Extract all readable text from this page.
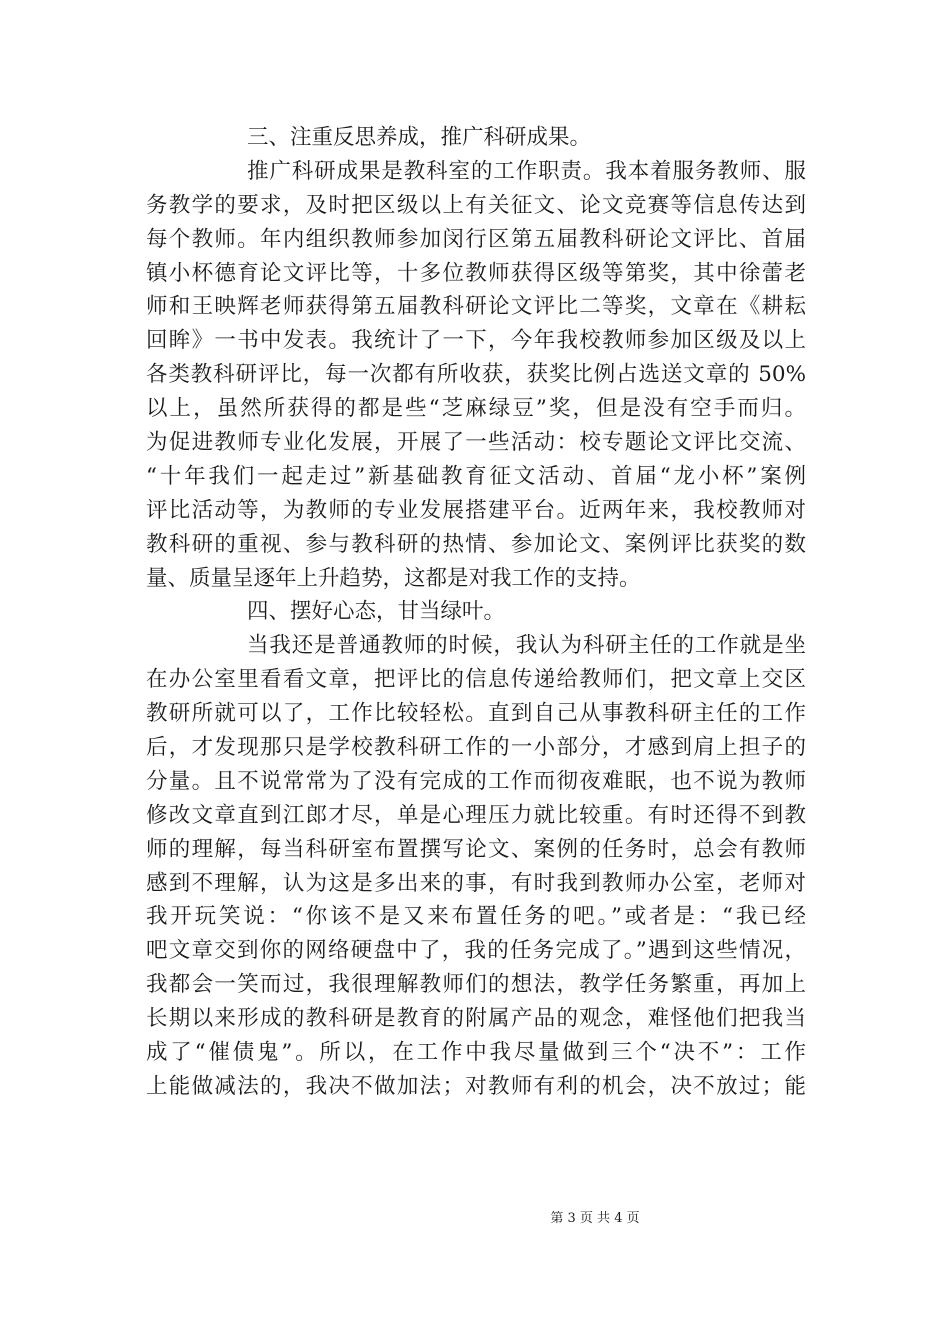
三、注重反思养成，推广科研成果。
推广科研成果是教科室的工作职责。我本着服务教师、服
务教学的要求，及时把区级以上有关征文、论文竞赛等信息传达到
每个教师。年内组织教师参加闵行区第五届教科研论文评比、首届
镇小杯德育论文评比等，十多位教师获得区级等第奖，其中徐蕾老
师和王映辉老师获得第五届教科研论文评比二等奖，文章在《耕耘
回眸》一书中发表。我统计了一下，今年我校教师参加区级及以上
各类教科研评比，每一次都有所收获，获奖比例占选送文章的 50%
以上，虽然所获得的都是些“芝麻绿豆”奖，但是没有空手而归。
为促进教师专业化发展，开展了一些活动：校专题论文评比交流、
“十年我们一起走过”新基础教育征文活动、首届“龙小杯”案例
评比活动等，为教师的专业发展搭建平台。近两年来，我校教师对
教科研的重视、参与教科研的热情、参加论文、案例评比获奖的数
量、质量呈逐年上升趋势，这都是对我工作的支持。
四、摆好心态，甘当绿叶。
当我还是普通教师的时候，我认为科研主任的工作就是坐
在办公室里看看文章，把评比的信息传递给教师们，把文章上交区
教研所就可以了，工作比较轻松。直到自己从事教科研主任的工作
后，才发现那只是学校教科研工作的一小部分，才感到肩上担子的
分量。且不说常常为了没有完成的工作而彻夜难眠，也不说为教师
修改文章直到江郎才尽，单是心理压力就比较重。有时还得不到教
师的理解，每当科研室布置撰写论文、案例的任务时，总会有教师
感到不理解，认为这是多出来的事，有时我到教师办公室，老师对
我开玩笑说：“你该不是又来布置任务的吧。”或者是：“我已经
吧文章交到你的网络硬盘中了，我的任务完成了。”遇到这些情况，
我都会一笑而过，我很理解教师们的想法，教学任务繁重，再加上
长期以来形成的教科研是教育的附属产品的观念，难怪他们把我当
成了“催债鬼”。所以，在工作中我尽量做到三个“决不”：工作
上能做减法的，我决不做加法；对教师有利的机会，决不放过；能
第 3 页 共 4 页
